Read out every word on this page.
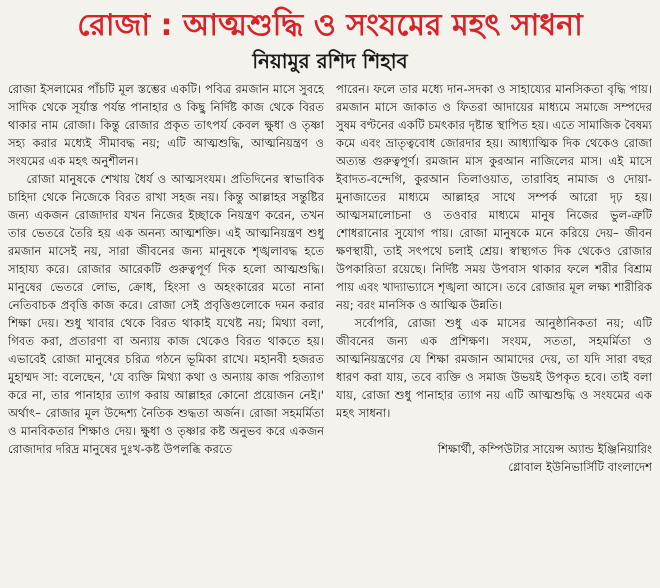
রোজা : আত্মশুদ্ধি ও সংযমের মহৎ সাধনা
নিয়ামুর রশিদ শিহাব

রোজা ইসলামের পাঁচটি মূল স্তম্ভের একটি। পবিত্র রমজান মাসে সুবহে সাদিক থেকে সূর্যাস্ত পর্যন্ত পানাহার ও কিছু নির্দিষ্ট কাজ থেকে বিরত থাকার নাম রোজা। কিন্তু রোজার প্রকৃত তাৎপর্য কেবল ক্ষুধা ও তৃষ্ণা সহ্য করার মধ্যেই সীমাবদ্ধ নয়; এটি আত্মশুদ্ধি, আত্মনিয়ন্ত্রণ ও সংযমের এক মহৎ অনুশীলন।

রোজা মানুষকে শেখায় ধৈর্য ও আত্মসংযম। প্রতিদিনের স্বাভাবিক চাহিদা থেকে নিজেকে বিরত রাখা সহজ নয়। কিন্তু আল্লাহর সন্তুষ্টির জন্য একজন রোজাদার যখন নিজের ইচ্ছাকে নিয়ন্ত্রণ করেন, তখন তার ভেতরে তৈরি হয় এক অনন্য আত্মশক্তি। এই আত্মনিয়ন্ত্রণ শুধু রমজান মাসেই নয়, সারা জীবনের জন্য মানুষকে শৃঙ্খলাবদ্ধ হতে সাহায্য করে। রোজার আরেকটি গুরুত্বপূর্ণ দিক হলো আত্মশুদ্ধি। মানুষের ভেতরে লোভ, ক্রোধ, হিংসা ও অহংকারের মতো নানা নেতিবাচক প্রবৃত্তি কাজ করে। রোজা সেই প্রবৃত্তিগুলোকে দমন করার শিক্ষা দেয়। শুধু খাবার থেকে বিরত থাকাই যথেষ্ট নয়; মিথ্যা বলা, গিবত করা, প্রতারণা বা অন্যায় কাজ থেকেও বিরত থাকতে হয়। এভাবেই রোজা মানুষের চরিত্র গঠনে ভূমিকা রাখে। মহানবী হজরত মুহাম্মদ সা: বলেছেন, 'যে ব্যক্তি মিথ্যা কথা ও অন্যায় কাজ পরিত্যাগ করে না, তার পানাহার ত্যাগ করায় আল্লাহর কোনো প্রয়োজন নেই।' অর্থাৎ– রোজার মূল উদ্দেশ্য নৈতিক শুদ্ধতা অর্জন। রোজা সহমর্মিতা ও মানবিকতার শিক্ষাও দেয়। ক্ষুধা ও তৃষ্ণার কষ্ট অনুভব করে একজন রোজাদার দরিদ্র মানুষের দুঃখ-কষ্ট উপলব্ধি করতে

পারেন। ফলে তার মধ্যে দান-সদকা ও সাহায্যের মানসিকতা বৃদ্ধি পায়। রমজান মাসে জাকাত ও ফিতরা আদায়ের মাধ্যমে সমাজে সম্পদের সুষম বণ্টনের একটি চমৎকার দৃষ্টান্ত স্থাপিত হয়। এতে সামাজিক বৈষম্য কমে এবং ভ্রাতৃত্ববোধ জোরদার হয়। আধ্যাত্মিক দিক থেকেও রোজা অত্যন্ত গুরুত্বপূর্ণ। রমজান মাস কুরআন নাজিলের মাস। এই মাসে ইবাদত-বন্দেগি, কুরআন তিলাওয়াত, তারাবিহ নামাজ ও দোয়া-মুনাজাতের মাধ্যমে আল্লাহর সাথে সম্পর্ক আরো দৃঢ় হয়। আত্মসমালোচনা ও তওবার মাধ্যমে মানুষ নিজের ভুল-ত্রুটি শোধরানোর সুযোগ পায়। রোজা মানুষকে মনে করিয়ে দেয়– জীবন ক্ষণস্থায়ী, তাই সৎপথে চলাই শ্রেয়। স্বাস্থ্যগত দিক থেকেও রোজার উপকারিতা রয়েছে। নির্দিষ্ট সময় উপবাস থাকার ফলে শরীর বিশ্রাম পায় এবং খাদ্যাভ্যাসে শৃঙ্খলা আসে। তবে রোজার মূল লক্ষ্য শারীরিক নয়; বরং মানসিক ও আত্মিক উন্নতি।

সর্বোপরি, রোজা শুধু এক মাসের আনুষ্ঠানিকতা নয়; এটি জীবনের জন্য এক প্রশিক্ষণ। সংযম, সততা, সহমর্মিতা ও আত্মনিয়ন্ত্রণের যে শিক্ষা রমজান আমাদের দেয়, তা যদি সারা বছর ধারণ করা যায়, তবে ব্যক্তি ও সমাজ উভয়ই উপকৃত হবে। তাই বলা যায়, রোজা শুধু পানাহার ত্যাগ নয় এটি আত্মশুদ্ধি ও সংযমের এক মহৎ সাধনা।

শিক্ষার্থী, কম্পিউটার সায়েন্স অ্যান্ড ইঞ্জিনিয়ারিং
গ্লোবাল ইউনিভার্সিটি বাংলাদেশ
